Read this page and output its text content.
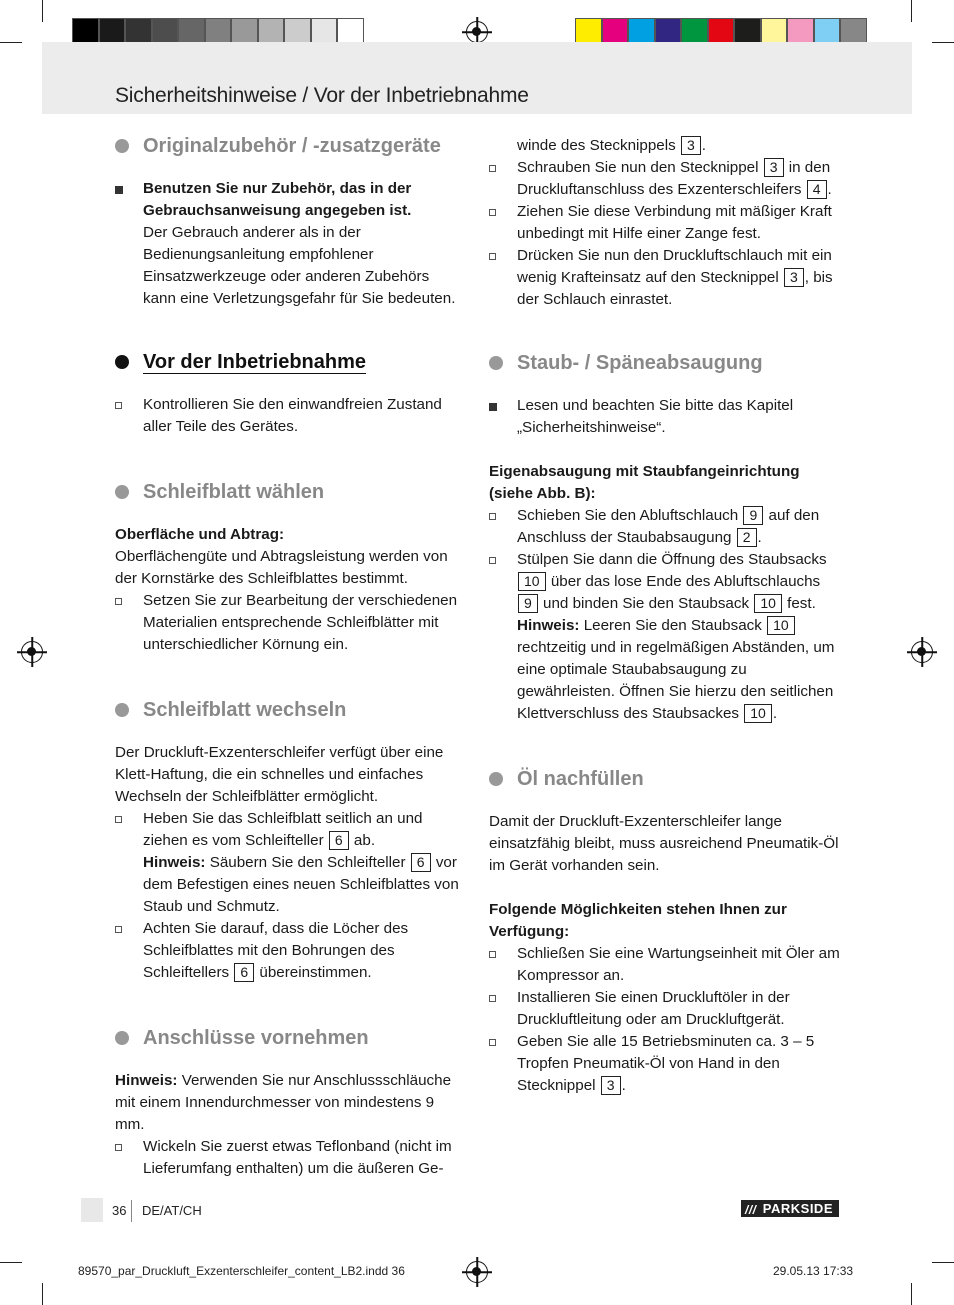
Sicherheitshinweise / Vor der Inbetriebnahme
Originalzubehör / -zusatzgeräte
Benutzen Sie nur Zubehör, das in der Gebrauchsanweisung angegeben ist.
Der Gebrauch anderer als in der Bedienungsanleitung empfohlener Einsatzwerkzeuge oder anderen Zubehörs kann eine Verletzungsgefahr für Sie bedeuten.
Vor der Inbetriebnahme
Kontrollieren Sie den einwandfreien Zustand aller Teile des Gerätes.
Schleifblatt wählen

Oberfläche und Abtrag:

Oberflächengüte und Abtragsleistung werden von der Kornstärke des Schleifblattes bestimmt.

Setzen Sie zur Bearbeitung der verschiedenen Materialien entsprechende Schleifblätter mit unterschiedlicher Körnung ein.
Schleifblatt wechseln

Der Druckluft-Exzenterschleifer verfügt über eine Klett-Haftung, die ein schnelles und einfaches Wechseln der Schleifblätter ermöglicht.

Heben Sie das Schleifblatt seitlich an und ziehen es vom Schleifteller 6 ab.
Hinweis: Säubern Sie den Schleifteller 6 vor dem Befestigen eines neuen Schleifblattes von Staub und Schmutz.
Achten Sie darauf, dass die Löcher des Schleifblattes mit den Bohrungen des Schleiftellers 6 übereinstimmen.
Anschlüsse vornehmen

Hinweis: Verwenden Sie nur Anschlussschläuche mit einem Innendurchmesser von mindestens 9 mm.

Wickeln Sie zuerst etwas Teflonband (nicht im Lieferumfang enthalten) um die äußeren Ge-
winde des Stecknippels 3 .
Schrauben Sie nun den Stecknippel 3 in den Druckluftanschluss des Exzenterschleifers 4 .
Ziehen Sie diese Verbindung mit mäßiger Kraft unbedingt mit Hilfe einer Zange fest.
Drücken Sie nun den Druckluftschlauch mit ein wenig Krafteinsatz auf den Stecknippel 3 , bis der Schlauch einrastet.
Staub- / Späneabsaugung
Lesen und beachten Sie bitte das Kapitel „Sicherheitshinweise“.

Eigenabsaugung mit Staubfangeinrichtung (siehe Abb. B):

Schieben Sie den Abluftschlauch 9 auf den Anschluss der Staubabsaugung 2 .
Stülpen Sie dann die Öffnung des Staubsacks 10 über das lose Ende des Abluftschlauchs 9 und binden Sie den Staubsack 10 fest.
Hinweis: Leeren Sie den Staubsack 10 rechtzeitig und in regelmäßigen Abständen, um eine optimale Staubabsaugung zu gewährleisten. Öffnen Sie hierzu den seitlichen Klettverschluss des Staubsackes 10 .
Öl nachfüllen

Damit der Druckluft-Exzenterschleifer lange einsatzfähig bleibt, muss ausreichend Pneumatik-Öl im Gerät vorhanden sein.

Folgende Möglichkeiten stehen Ihnen zur Verfügung:

Schließen Sie eine Wartungseinheit mit Öler am Kompressor an.
Installieren Sie einen Druckluftöler in der Druckluftleitung oder am Druckluftgerät.
Geben Sie alle 15 Betriebsminuten ca. 3 – 5 Tropfen Pneumatik-Öl von Hand in den Stecknippel 3 .
36 DE/AT/CH	/// PARKSIDE
89570_par_Druckluft_Exzenterschleifer_content_LB2.indd 36	29.05.13 17:33
